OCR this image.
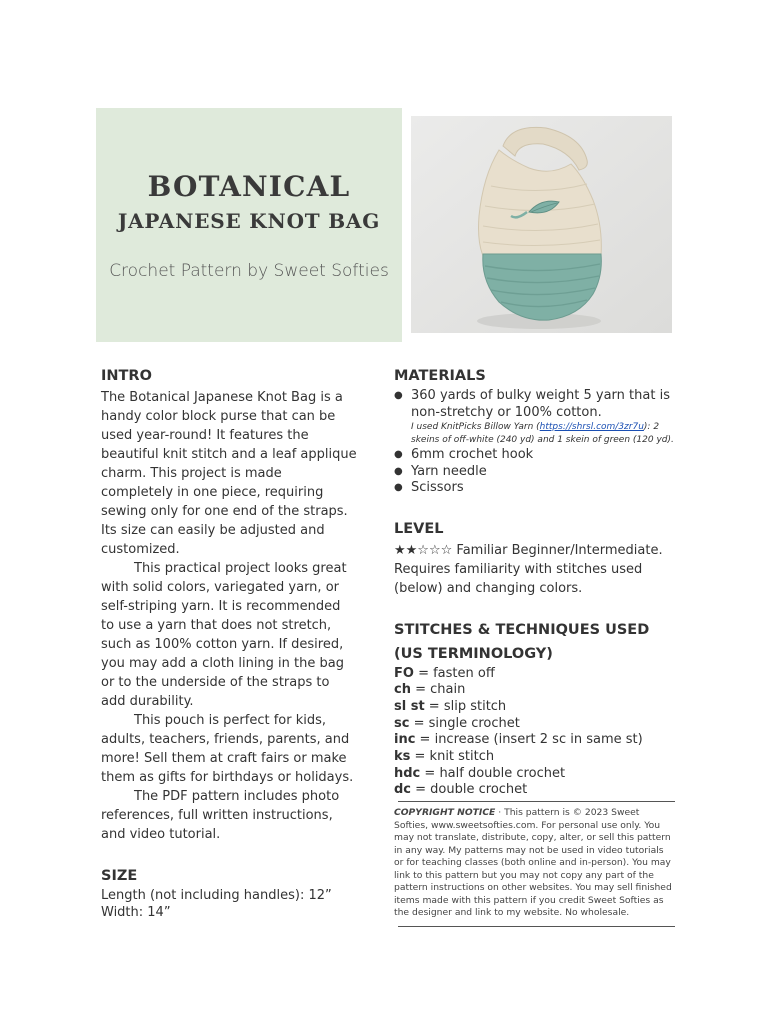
BOTANICAL
JAPANESE KNOT BAG
Crochet Pattern by Sweet Softies
INTRO

The Botanical Japanese Knot Bag is a handy color block purse that can be used year-round! It features the beautiful knit stitch and a leaf applique charm. This project is made completely in one piece, requiring sewing only for one end of the straps. Its size can easily be adjusted and customized.

This practical project looks great with solid colors, variegated yarn, or self-striping yarn. It is recommended to use a yarn that does not stretch, such as 100% cotton yarn. If desired, you may add a cloth lining in the bag or to the underside of the straps to add durability.

This pouch is perfect for kids, adults, teachers, friends, parents, and more! Sell them at craft fairs or make them as gifts for birthdays or holidays.

The PDF pattern includes photo references, full written instructions, and video tutorial.

SIZE
Length (not including handles): 12”
Width: 14”
MATERIALS
● 360 yards of bulky weight 5 yarn that is non-stretchy or 100% cotton.
I used KnitPicks Billow Yarn (https://shrsl.com/3zr7u): 2 skeins of off-white (240 yd) and 1 skein of green (120 yd).
● 6mm crochet hook
● Yarn needle
● Scissors
LEVEL

★★☆☆☆ Familiar Beginner/Intermediate. Requires familiarity with stitches used (below) and changing colors.

STITCHES & TECHNIQUES USED
(US TERMINOLOGY)
FO = fasten off
ch = chain
sl st = slip stitch
sc = single crochet
inc = increase (insert 2 sc in same st)
ks = knit stitch
hdc = half double crochet
dc = double crochet
COPYRIGHT NOTICE · This pattern is © 2023 Sweet Softies, www.sweetsofties.com. For personal use only. You may not translate, distribute, copy, alter, or sell this pattern in any way. My patterns may not be used in video tutorials or for teaching classes (both online and in-person). You may link to this pattern but you may not copy any part of the pattern instructions on other websites. You may sell finished items made with this pattern if you credit Sweet Softies as the designer and link to my website. No wholesale.
